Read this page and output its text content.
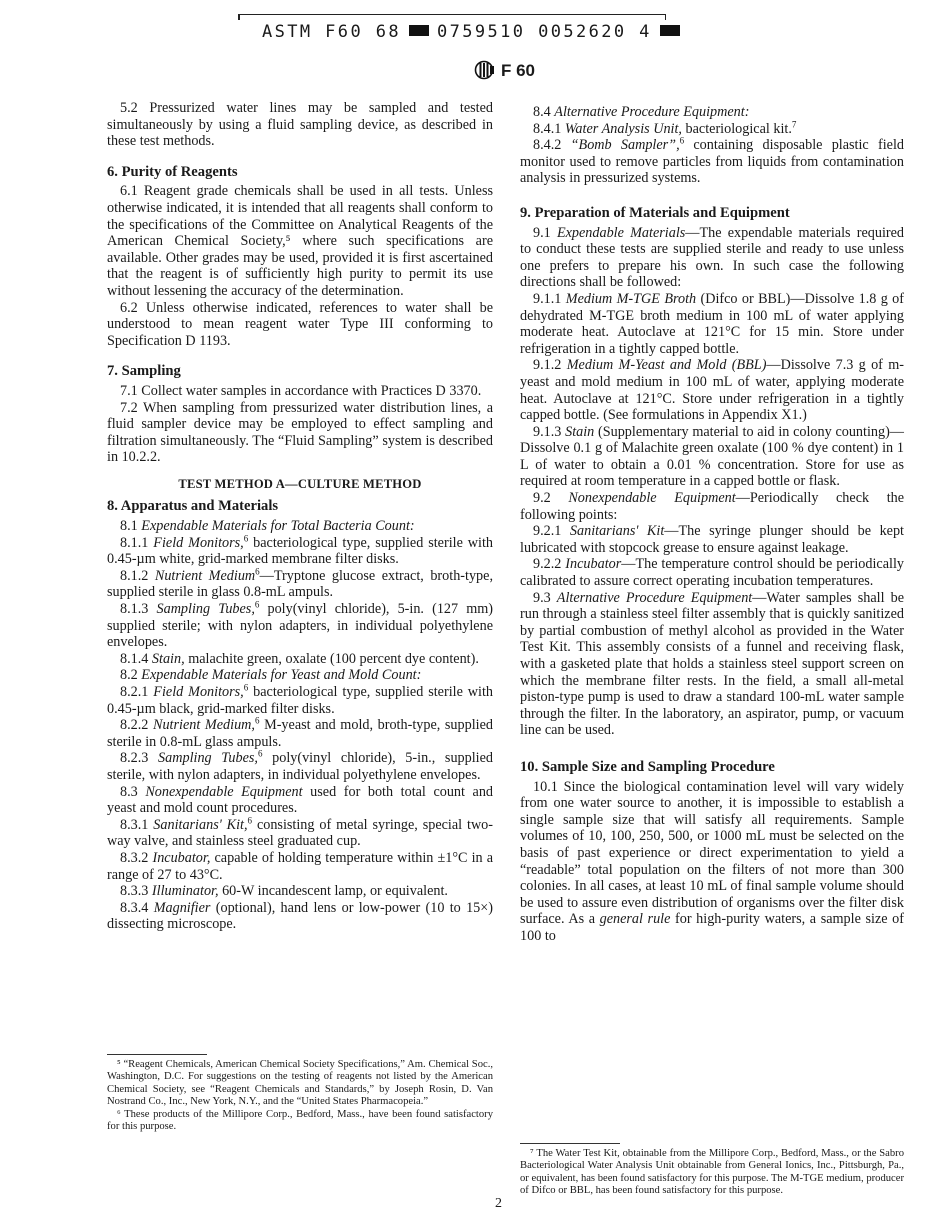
ASTM F60 68 0759510 0052620 4
F 60

5.2 Pressurized water lines may be sampled and tested simultaneously by using a fluid sampling device, as described in these test methods.

6. Purity of Reagents

6.1 Reagent grade chemicals shall be used in all tests. Unless otherwise indicated, it is intended that all reagents shall conform to the specifications of the Committee on Analytical Reagents of the American Chemical Society,⁵ where such specifications are available. Other grades may be used, provided it is first ascertained that the reagent is of sufficiently high purity to permit its use without lessening the accuracy of the determination.

6.2 Unless otherwise indicated, references to water shall be understood to mean reagent water Type III conforming to Specification D 1193.

7. Sampling

7.1 Collect water samples in accordance with Practices D 3370.

7.2 When sampling from pressurized water distribution lines, a fluid sampler device may be employed to effect sampling and filtration simultaneously. The “Fluid Sampling” system is described in 10.2.2.

TEST METHOD A—CULTURE METHOD
8. Apparatus and Materials

8.1 Expendable Materials for Total Bacteria Count:

8.1.1 Field Monitors,$^6$ bacteriological type, supplied sterile with 0.45-µm white, grid-marked membrane filter disks.

8.1.2 Nutrient Medium$^6$—Tryptone glucose extract, broth-type, supplied sterile in glass 0.8-mL ampuls.

8.1.3 Sampling Tubes,$^6$ poly(vinyl chloride), 5-in. (127 mm) supplied sterile; with nylon adapters, in individual polyethylene envelopes.

8.1.4 Stain, malachite green, oxalate (100 percent dye content).

8.2 Expendable Materials for Yeast and Mold Count:

8.2.1 Field Monitors,$^6$ bacteriological type, supplied sterile with 0.45-µm black, grid-marked filter disks.

8.2.2 Nutrient Medium,$^6$ M-yeast and mold, broth-type, supplied sterile in 0.8-mL glass ampuls.

8.2.3 Sampling Tubes,$^6$ poly(vinyl chloride), 5-in., supplied sterile, with nylon adapters, in individual polyethylene envelopes.

8.3 Nonexpendable Equipment used for both total count and yeast and mold count procedures.

8.3.1 Sanitarians' Kit,$^6$ consisting of metal syringe, special two-way valve, and stainless steel graduated cup.

8.3.2 Incubator, capable of holding temperature within ±1°C in a range of 27 to 43°C.

8.3.3 Illuminator, 60-W incandescent lamp, or equivalent.

8.3.4 Magnifier (optional), hand lens or low-power (10 to 15×) dissecting microscope.

8.4 Alternative Procedure Equipment:

8.4.1 Water Analysis Unit, bacteriological kit.$^7$

8.4.2 “Bomb Sampler”,$^6$ containing disposable plastic field monitor used to remove particles from liquids from contamination analysis in pressurized systems.

9. Preparation of Materials and Equipment

9.1 Expendable Materials—The expendable materials required to conduct these tests are supplied sterile and ready to use unless one prefers to prepare his own. In such case the following directions shall be followed:

9.1.1 Medium M-TGE Broth (Difco or BBL)—Dissolve 1.8 g of dehydrated M-TGE broth medium in 100 mL of water applying moderate heat. Autoclave at 121°C for 15 min. Store under refrigeration in a tightly capped bottle.

9.1.2 Medium M-Yeast and Mold (BBL)—Dissolve 7.3 g of m-yeast and mold medium in 100 mL of water, applying moderate heat. Autoclave at 121°C. Store under refrigeration in a tightly capped bottle. (See formulations in Appendix X1.)

9.1.3 Stain (Supplementary material to aid in colony counting)—Dissolve 0.1 g of Malachite green oxalate (100 % dye content) in 1 L of water to obtain a 0.01 % concentration. Store for use as required at room temperature in a capped bottle or flask.

9.2 Nonexpendable Equipment—Periodically check the following points:

9.2.1 Sanitarians' Kit—The syringe plunger should be kept lubricated with stopcock grease to ensure against leakage.

9.2.2 Incubator—The temperature control should be periodically calibrated to assure correct operating incubation temperatures.

9.3 Alternative Procedure Equipment—Water samples shall be run through a stainless steel filter assembly that is quickly sanitized by partial combustion of methyl alcohol as provided in the Water Test Kit. This assembly consists of a funnel and receiving flask, with a gasketed plate that holds a stainless steel support screen on which the membrane filter rests. In the field, a small all-metal piston-type pump is used to draw a standard 100-mL water sample through the filter. In the laboratory, an aspirator, pump, or vacuum line can be used.

10. Sample Size and Sampling Procedure

10.1 Since the biological contamination level will vary widely from one water source to another, it is impossible to establish a single sample size that will satisfy all requirements. Sample volumes of 10, 100, 250, 500, or 1000 mL must be selected on the basis of past experience or direct experimentation to yield a “readable” total population on the filters of not more than 300 colonies. In all cases, at least 10 mL of final sample volume should be used to assure even distribution of organisms over the filter disk surface. As a general rule for high-purity waters, a sample size of 100 to

⁵ “Reagent Chemicals, American Chemical Society Specifications,” Am. Chemical Soc., Washington, D.C. For suggestions on the testing of reagents not listed by the American Chemical Society, see “Reagent Chemicals and Standards,” by Joseph Rosin, D. Van Nostrand Co., Inc., New York, N.Y., and the “United States Pharmacopeia.”

⁶ These products of the Millipore Corp., Bedford, Mass., have been found satisfactory for this purpose.

⁷ The Water Test Kit, obtainable from the Millipore Corp., Bedford, Mass., or the Sabro Bacteriological Water Analysis Unit obtainable from General Ionics, Inc., Pittsburgh, Pa., or equivalent, has been found satisfactory for this purpose. The M-TGE medium, producer of Difco or BBL, has been found satisfactory for this purpose.

2
